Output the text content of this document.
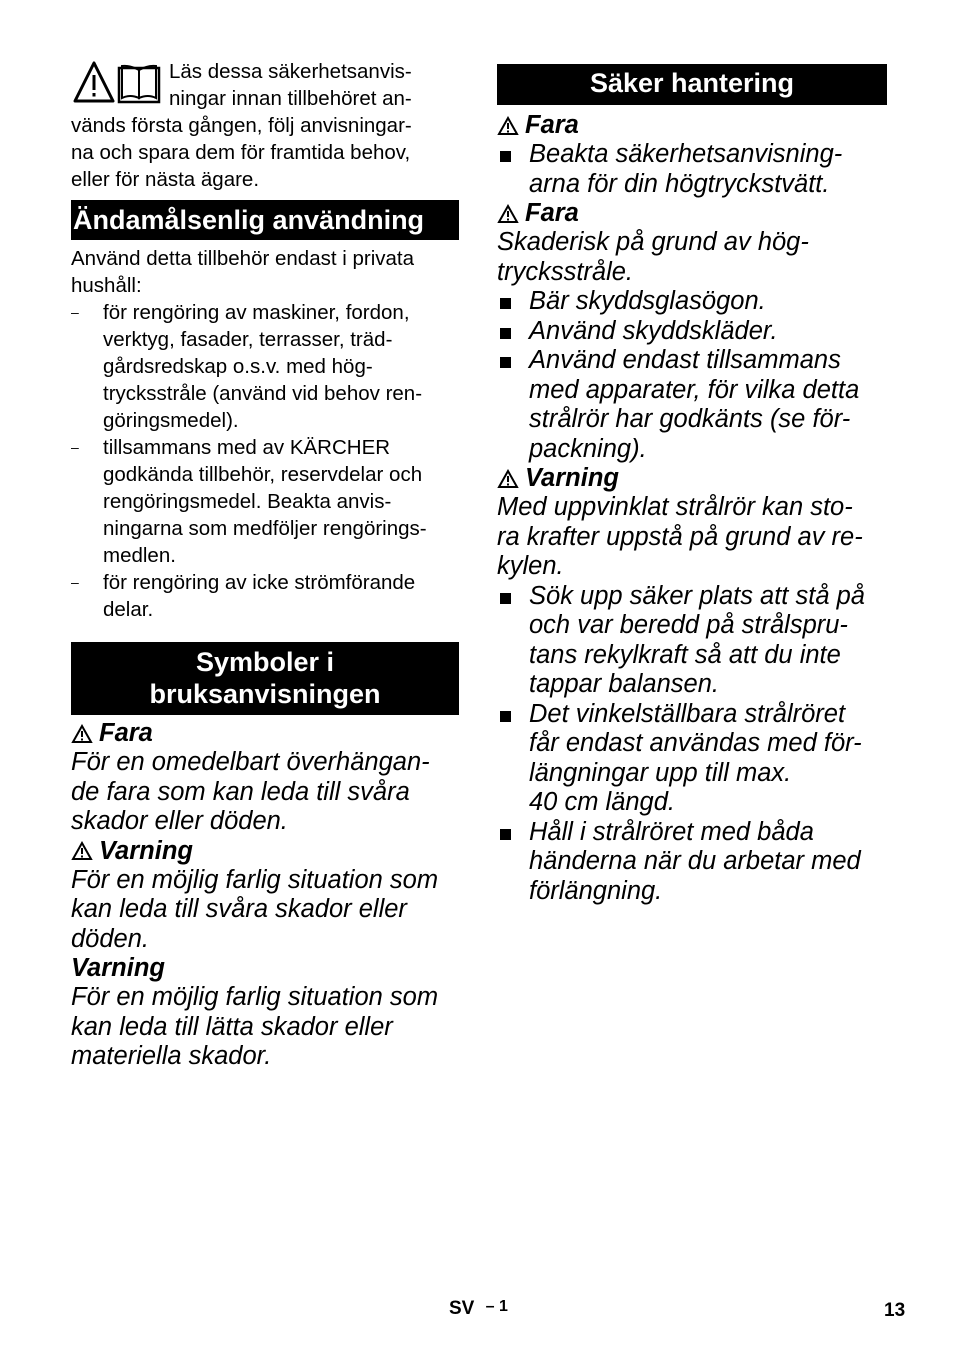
Läs dessa säkerhetsanvis-

ningar innan tillbehöret an-

vänds första gången, följ anvisningar-

na och spara dem för framtida behov,

eller för nästa ägare.

Ändamålsenlig användning

Använd detta tillbehör endast i privata
hushåll:

– för rengöring av maskiner, fordon,
verktyg, fasader, terrasser, träd-
gårdsredskap o.s.v. med hög-
trycksstråle (använd vid behov ren-
göringsmedel).
– tillsammans med av KÄRCHER
godkända tillbehör, reservdelar och
rengöringsmedel. Beakta anvis-
ningarna som medföljer rengörings-
medlen.
– för rengöring av icke strömförande
delar.
Symboler i
bruksanvisningen
Fara

För en omedelbart överhängan-
de fara som kan leda till svåra
skador eller döden.

Varning

För en möjlig farlig situation som
kan leda till svåra skador eller
döden.

Varning

För en möjlig farlig situation som
kan leda till lätta skador eller
materiella skador.

Säker hantering
Fara
Beakta säkerhetsanvisning-
arna för din högtryckstvätt.
Fara

Skaderisk på grund av hög-
trycksstråle.

Bär skyddsglasögon.
Använd skyddskläder.
Använd endast tillsammans
med apparater, för vilka detta
strålrör har godkänts (se för-
packning).
Varning

Med uppvinklat strålrör kan sto-
ra krafter uppstå på grund av re-
kylen.

Sök upp säker plats att stå på
och var beredd på strålspru-
tans rekylkraft så att du inte
tappar balansen.
Det vinkelställbara strålröret
får endast användas med för-
längningar upp till max.
40 cm längd.
Håll i strålröret med båda
händerna när du arbetar med
förlängning.
SV – 1	13
